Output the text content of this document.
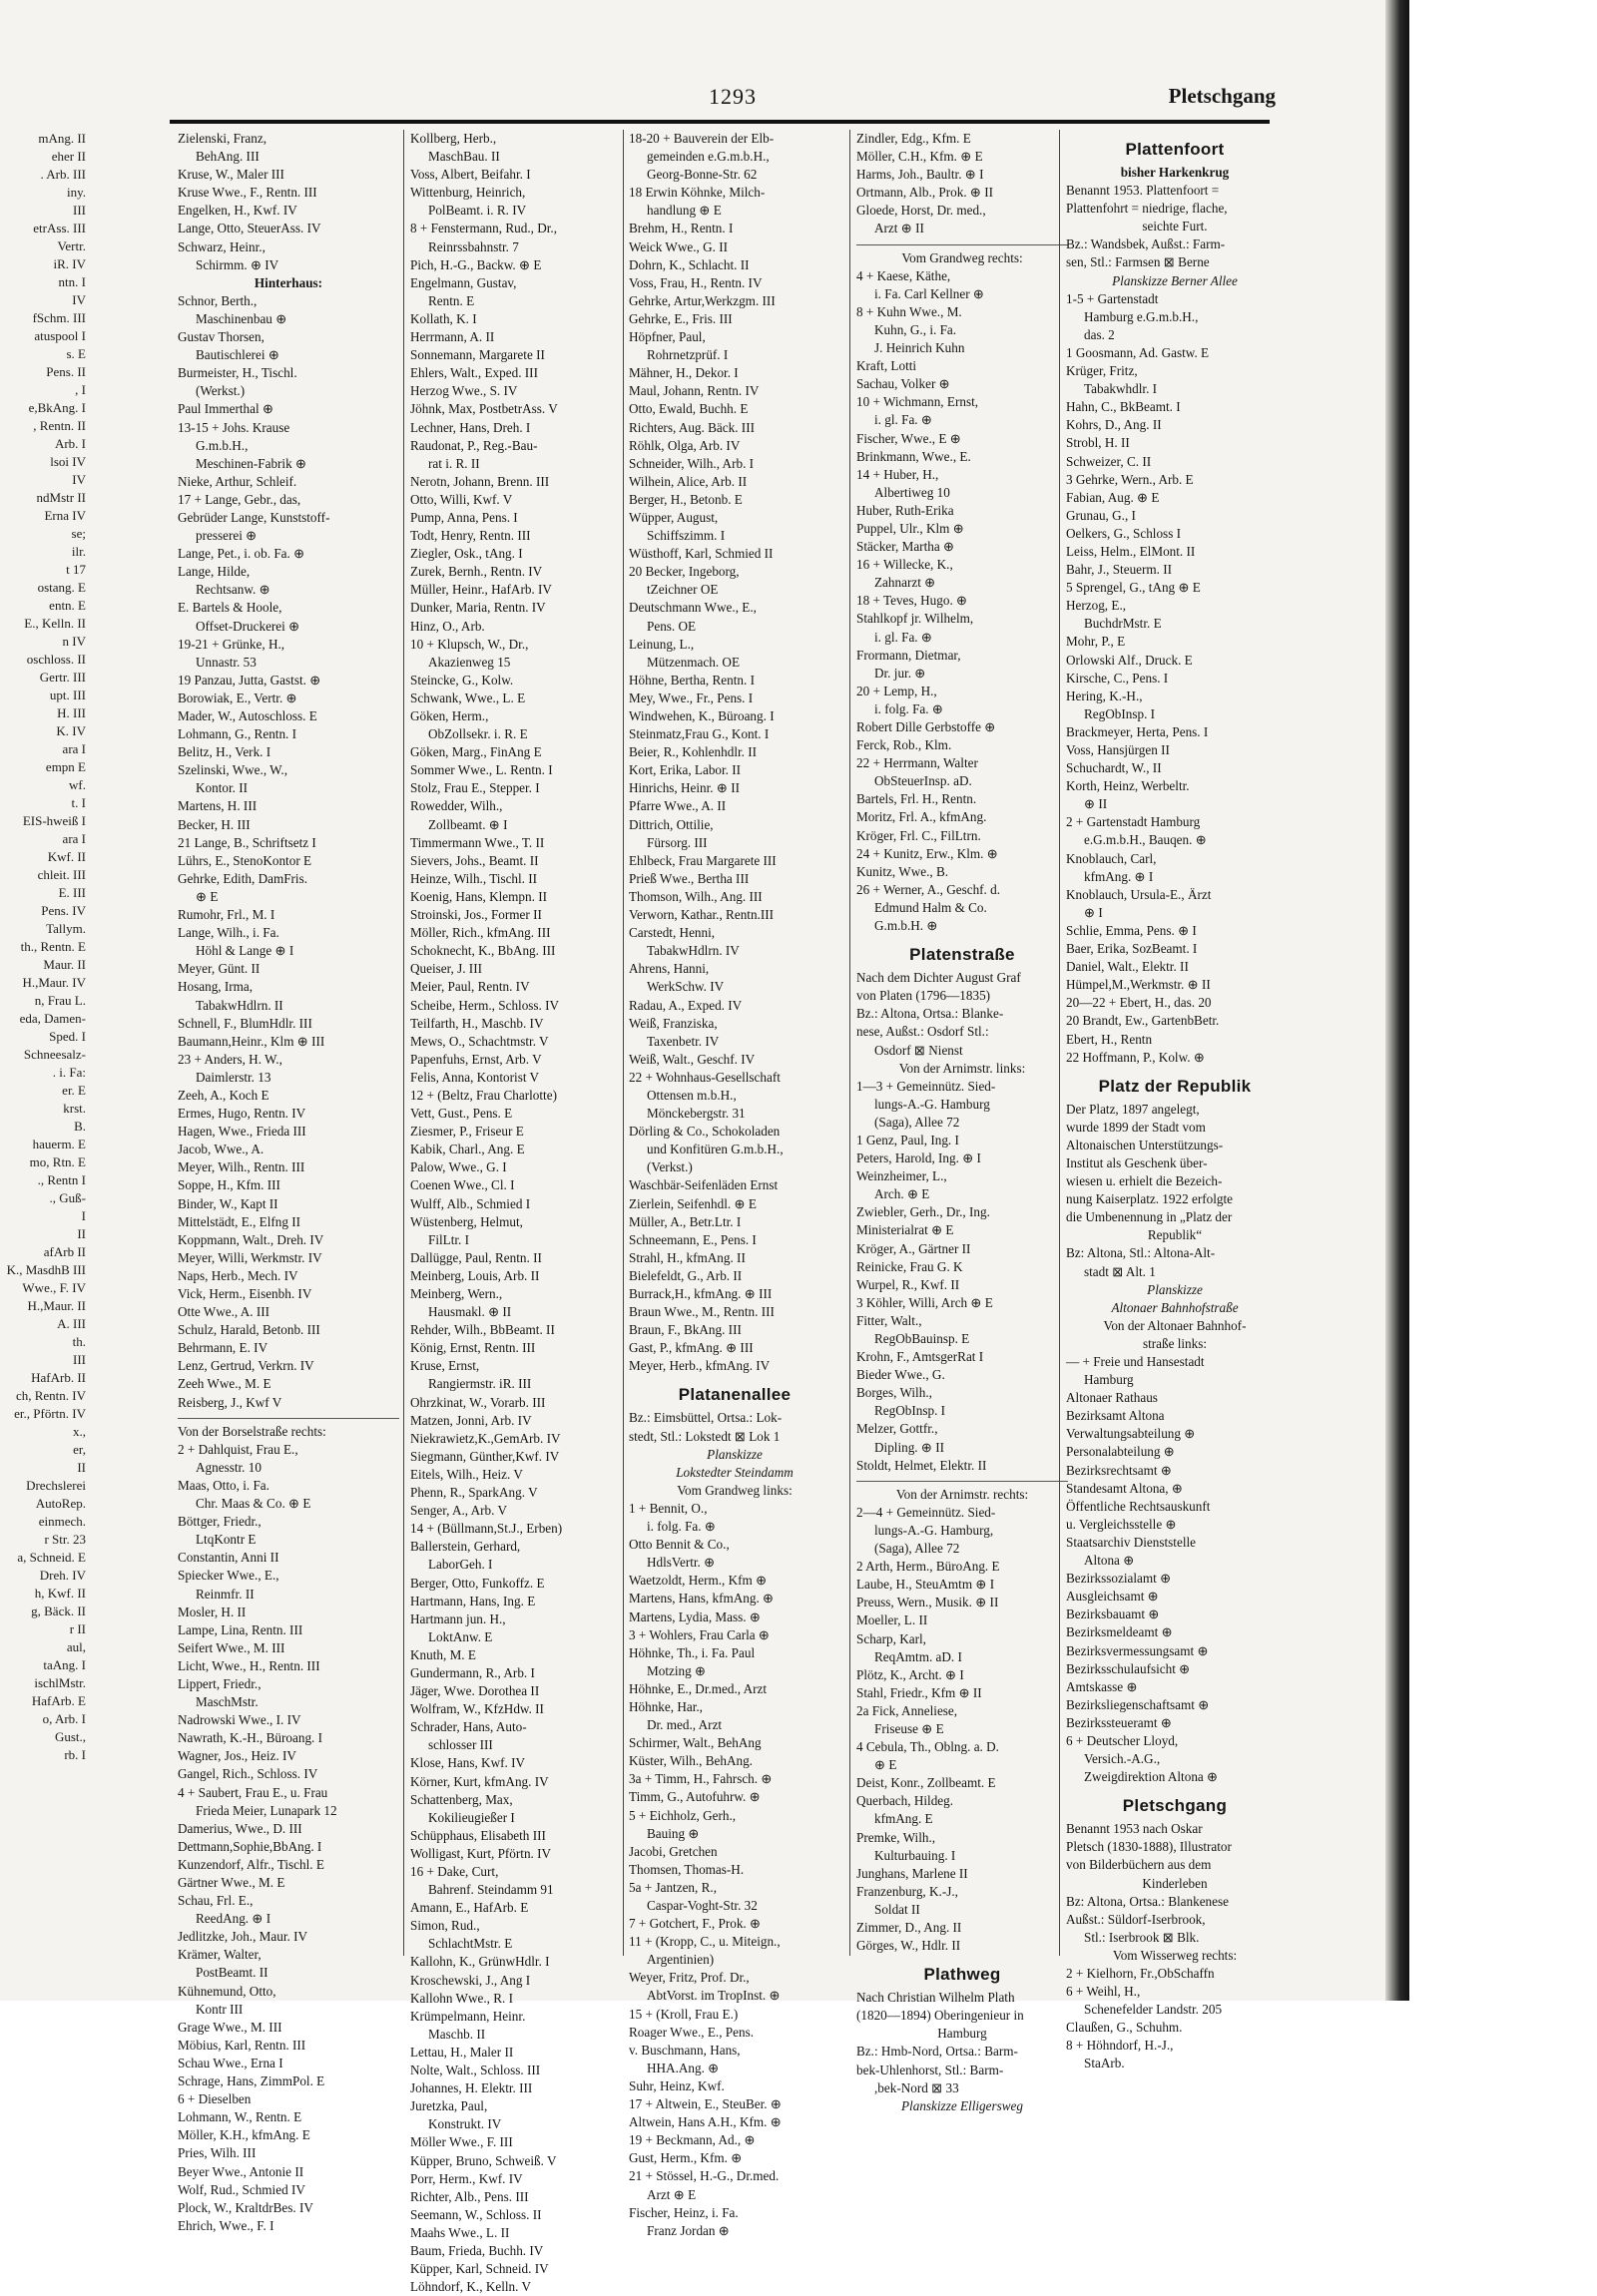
mAng. II
eher II
. Arb. III
iny.
III
etrAss. III
Vertr.
iR. IV
ntn. I
IV
fSchm. III
atuspool I
s. E
Pens. II
, I
e,BkAng. I
, Rentn. II
Arb. I
lsoi IV
IV
ndMstr II
Erna IV
se;
ilr.
t 17
ostang. E
entn. E
E., Kelln. II
n IV
oschloss. II
Gertr. III
upt. III
H. III
K. IV
ara I
empn E
wf.
t. I
EIS-hweiß I
ara I
Kwf. II
chleit. III
E. III
Pens. IV
Tallym.
th., Rentn. E
Maur. II
H.,Maur. IV
n, Frau L.
eda, Damen-
Sped. I
Schneesalz-
. i. Fa:
er. E
krst.
B.
hauerm. E
mo, Rtn. E
., Rentn I
., Guß-
I
II
afArb II
K., MasdhB III
Wwe., F. IV
H.,Maur. II
A. III
th.
III
HafArb. II
ch, Rentn. IV
er., Pförtn. IV
x.,
er,
II
Drechslerei
AutoRep.
einmech.
r Str. 23
a, Schneid. E
Dreh. IV
h, Kwf. II
g, Bäck. II
r II
aul,
taAng. I
ischlMstr.
HafArb. E
o, Arb. I
Gust.,
rb. I
1293	Pletschgang
Zielenski, Franz,
BehAng. III
Kruse, W., Maler III
Kruse Wwe., F., Rentn. III
Engelken, H., Kwf. IV
Lange, Otto, SteuerAss. IV
Schwarz, Heinr.,
Schirmm. ⊕ IV
Hinterhaus:
Schnor, Berth.,
Maschinenbau ⊕
Gustav Thorsen,
Bautischlerei ⊕
Burmeister, H., Tischl.
(Werkst.)
Paul Immerthal ⊕
13-15 + Johs. Krause
G.m.b.H.,
Meschinen-Fabrik ⊕
Nieke, Arthur, Schleif.
17 + Lange, Gebr., das,
Gebrüder Lange, Kunststoff-
presserei ⊕
Lange, Pet., i. ob. Fa. ⊕
Lange, Hilde,
Rechtsanw. ⊕
E. Bartels & Hoole,
Offset-Druckerei ⊕
19-21 + Grünke, H.,
Unnastr. 53
19 Panzau, Jutta, Gastst. ⊕
Borowiak, E., Vertr. ⊕
Mader, W., Autoschloss. E
Lohmann, G., Rentn. I
Belitz, H., Verk. I
Szelinski, Wwe., W.,
Kontor. II
Martens, H. III
Becker, H. III
21 Lange, B., Schriftsetz I
Lührs, E., StenoKontor E
Gehrke, Edith, DamFris.
⊕ E
Rumohr, Frl., M. I
Lange, Wilh., i. Fa.
Höhl & Lange ⊕ I
Meyer, Günt. II
Hosang, Irma,
TabakwHdlrn. II
Schnell, F., BlumHdlr. III
Baumann,Heinr., Klm ⊕ III
23 + Anders, H. W.,
Daimlerstr. 13
Zeeh, A., Koch E
Ermes, Hugo, Rentn. IV
Hagen, Wwe., Frieda III
Jacob, Wwe., A.
Meyer, Wilh., Rentn. III
Soppe, H., Kfm. III
Binder, W., Kapt II
Mittelstädt, E., Elfng II
Koppmann, Walt., Dreh. IV
Meyer, Willi, Werkmstr. IV
Naps, Herb., Mech. IV
Vick, Herm., Eisenbh. IV
Otte Wwe., A. III
Schulz, Harald, Betonb. III
Behrmann, E. IV
Lenz, Gertrud, Verkrn. IV
Zeeh Wwe., M. E
Reisberg, J., Kwf V
Von der Borselstraße rechts:
2 + Dahlquist, Frau E.,
Agnesstr. 10
Maas, Otto, i. Fa.
Chr. Maas & Co. ⊕ E
Böttger, Friedr.,
LtqKontr E
Constantin, Anni II
Spiecker Wwe., E.,
Reinmfr. II
Mosler, H. II
Lampe, Lina, Rentn. III
Seifert Wwe., M. III
Licht, Wwe., H., Rentn. III
Lippert, Friedr.,
MaschMstr.
Nadrowski Wwe., I. IV
Nawrath, K.-H., Büroang. I
Wagner, Jos., Heiz. IV
Gangel, Rich., Schloss. IV
4 + Saubert, Frau E., u. Frau
Frieda Meier, Lunapark 12
Damerius, Wwe., D. III
Dettmann,Sophie,BbAng. I
Kunzendorf, Alfr., Tischl. E
Gärtner Wwe., M. E
Schau, Frl. E.,
ReedAng. ⊕ I
Jedlitzke, Joh., Maur. IV
Krämer, Walter,
PostBeamt. II
Kühnemund, Otto,
Kontr III
Grage Wwe., M. III
Möbius, Karl, Rentn. III
Schau Wwe., Erna I
Schrage, Hans, ZimmPol. E
6 + Dieselben
Lohmann, W., Rentn. E
Möller, K.H., kfmAng. E
Pries, Wilh. III
Beyer Wwe., Antonie II
Wolf, Rud., Schmied IV
Plock, W., KraltdrBes. IV
Ehrich, Wwe., F. I
Kollberg, Herb.,
MaschBau. II
Voss, Albert, Beifahr. I
Wittenburg, Heinrich,
PolBeamt. i. R. IV
8 + Fenstermann, Rud., Dr.,
Reinrssbahnstr. 7
Pich, H.-G., Backw. ⊕ E
Engelmann, Gustav,
Rentn. E
Kollath, K. I
Herrmann, A. II
Sonnemann, Margarete II
Ehlers, Walt., Exped. III
Herzog Wwe., S. IV
Jöhnk, Max, PostbetrAss. V
Lechner, Hans, Dreh. I
Raudonat, P., Reg.-Bau-
rat i. R. II
Nerotn, Johann, Brenn. III
Otto, Willi, Kwf. V
Pump, Anna, Pens. I
Todt, Henry, Rentn. III
Ziegler, Osk., tAng. I
Zurek, Bernh., Rentn. IV
Müller, Heinr., HafArb. IV
Dunker, Maria, Rentn. IV
Hinz, O., Arb.
10 + Klupsch, W., Dr.,
Akazienweg 15
Steincke, G., Kolw.
Schwank, Wwe., L. E
Göken, Herm.,
ObZollsekr. i. R. E
Göken, Marg., FinAng E
Sommer Wwe., L. Rentn. I
Stolz, Frau E., Stepper. I
Rowedder, Wilh.,
Zollbeamt. ⊕ I
Timmermann Wwe., T. II
Sievers, Johs., Beamt. II
Heinze, Wilh., Tischl. II
Koenig, Hans, Klempn. II
Stroinski, Jos., Former II
Möller, Rich., kfmAng. III
Schoknecht, K., BbAng. III
Queiser, J. III
Meier, Paul, Rentn. IV
Scheibe, Herm., Schloss. IV
Teilfarth, H., Maschb. IV
Mews, O., Schachtmstr. V
Papenfuhs, Ernst, Arb. V
Felis, Anna, Kontorist V
12 + (Beltz, Frau Charlotte)
Vett, Gust., Pens. E
Ziesmer, P., Friseur E
Kabik, Charl., Ang. E
Palow, Wwe., G. I
Coenen Wwe., Cl. I
Wulff, Alb., Schmied I
Wüstenberg, Helmut,
FilLtr. I
Dallügge, Paul, Rentn. II
Meinberg, Louis, Arb. II
Meinberg, Wern.,
Hausmakl. ⊕ II
Rehder, Wilh., BbBeamt. II
König, Ernst, Rentn. III
Kruse, Ernst,
Rangiermstr. iR. III
Ohrzkinat, W., Vorarb. III
Matzen, Jonni, Arb. IV
Niekrawietz,K.,GemArb. IV
Siegmann, Günther,Kwf. IV
Eitels, Wilh., Heiz. V
Phenn, R., SparkAng. V
Senger, A., Arb. V
14 + (Büllmann,St.J., Erben)
Ballerstein, Gerhard,
LaborGeh. I
Berger, Otto, Funkoffz. E
Hartmann, Hans, Ing. E
Hartmann jun. H.,
LoktAnw. E
Knuth, M. E
Gundermann, R., Arb. I
Jäger, Wwe. Dorothea II
Wolfram, W., KfzHdw. II
Schrader, Hans, Auto-
schlosser III
Klose, Hans, Kwf. IV
Körner, Kurt, kfmAng. IV
Schattenberg, Max,
Kokilieugießer I
Schüpphaus, Elisabeth III
Wolligast, Kurt, Pförtn. IV
16 + Dake, Curt,
Bahrenf. Steindamm 91
Amann, E., HafArb. E
Simon, Rud.,
SchlachtMstr. E
Kallohn, K., GrünwHdlr. I
Kroschewski, J., Ang I
Kallohn Wwe., R. I
Krümpelmann, Heinr.
Maschb. II
Lettau, H., Maler II
Nolte, Walt., Schloss. III
Johannes, H. Elektr. III
Juretzka, Paul,
Konstrukt. IV
Möller Wwe., F. III
Küpper, Bruno, Schweiß. V
Porr, Herm., Kwf. IV
Richter, Alb., Pens. III
Seemann, W., Schloss. II
Maahs Wwe., L. II
Baum, Frieda, Buchh. IV
Küpper, Karl, Schneid. IV
Löhndorf, K., Kelln. V
18-20 + Bauverein der Elb-
gemeinden e.G.m.b.H.,
Georg-Bonne-Str. 62
18 Erwin Köhnke, Milch-
handlung ⊕ E
Brehm, H., Rentn. I
Weick Wwe., G. II
Dohrn, K., Schlacht. II
Voss, Frau, H., Rentn. IV
Gehrke, Artur,Werkzgm. III
Gehrke, E., Fris. III
Höpfner, Paul,
Rohrnetzprüf. I
Mähner, H., Dekor. I
Maul, Johann, Rentn. IV
Otto, Ewald, Buchh. E
Richters, Aug. Bäck. III
Röhlk, Olga, Arb. IV
Schneider, Wilh., Arb. I
Wilhein, Alice, Arb. II
Berger, H., Betonb. E
Wüpper, August,
Schiffszimm. I
Wüsthoff, Karl, Schmied II
20 Becker, Ingeborg,
tZeichner OE
Deutschmann Wwe., E.,
Pens. OE
Leinung, L.,
Mützenmach. OE
Höhne, Bertha, Rentn. I
Mey, Wwe., Fr., Pens. I
Windwehen, K., Büroang. I
Steinmatz,Frau G., Kont. I
Beier, R., Kohlenhdlr. II
Kort, Erika, Labor. II
Hinrichs, Heinr. ⊕ II
Pfarre Wwe., A. II
Dittrich, Ottilie,
Fürsorg. III
Ehlbeck, Frau Margarete III
Prieß Wwe., Bertha III
Thomson, Wilh., Ang. III
Verworn, Kathar., Rentn.III
Carstedt, Henni,
TabakwHdlrn. IV
Ahrens, Hanni,
WerkSchw. IV
Radau, A., Exped. IV
Weiß, Franziska,
Taxenbetr. IV
Weiß, Walt., Geschf. IV
22 + Wohnhaus-Gesellschaft
Ottensen m.b.H.,
Mönckebergstr. 31
Dörling & Co., Schokoladen
und Konfitüren G.m.b.H.,
(Verkst.)
Waschbär-Seifenläden Ernst
Zierlein, Seifenhdl. ⊕ E
Müller, A., Betr.Ltr. I
Schneemann, E., Pens. I
Strahl, H., kfmAng. II
Bielefeldt, G., Arb. II
Burrack,H., kfmAng. ⊕ III
Braun Wwe., M., Rentn. III
Braun, F., BkAng. III
Gast, P., kfmAng. ⊕ III
Meyer, Herb., kfmAng. IV
Platanenallee
Bz.: Eimsbüttel, Ortsa.: Lok-
stedt, Stl.: Lokstedt ⊠ Lok 1
Planskizze
Lokstedter Steindamm
Vom Grandweg links:
1 + Bennit, O.,
i. folg. Fa. ⊕
Otto Bennit & Co.,
HdlsVertr. ⊕
Waetzoldt, Herm., Kfm ⊕
Martens, Hans, kfmAng. ⊕
Martens, Lydia, Mass. ⊕
3 + Wohlers, Frau Carla ⊕
Höhnke, Th., i. Fa. Paul
Motzing ⊕
Höhnke, E., Dr.med., Arzt
Höhnke, Har.,
Dr. med., Arzt
Schirmer, Walt., BehAng
Küster, Wilh., BehAng.
3a + Timm, H., Fahrsch. ⊕
Timm, G., Autofuhrw. ⊕
5 + Eichholz, Gerh.,
Bauing ⊕
Jacobi, Gretchen
Thomsen, Thomas-H.
5a + Jantzen, R.,
Caspar-Voght-Str. 32
7 + Gotchert, F., Prok. ⊕
11 + (Kropp, C., u. Miteign.,
Argentinien)
Weyer, Fritz, Prof. Dr.,
AbtVorst. im TropInst. ⊕
15 + (Kroll, Frau E.)
Roager Wwe., E., Pens.
v. Buschmann, Hans,
HHA.Ang. ⊕
Suhr, Heinz, Kwf.
17 + Altwein, E., SteuBer. ⊕
Altwein, Hans A.H., Kfm. ⊕
19 + Beckmann, Ad., ⊕
Gust, Herm., Kfm. ⊕
21 + Stössel, H.-G., Dr.med.
Arzt ⊕ E
Fischer, Heinz, i. Fa.
Franz Jordan ⊕
Zindler, Edg., Kfm. E
Möller, C.H., Kfm. ⊕ E
Harms, Joh., Baultr. ⊕ I
Ortmann, Alb., Prok. ⊕ II
Gloede, Horst, Dr. med.,
Arzt ⊕ II
Vom Grandweg rechts:
4 + Kaese, Käthe,
i. Fa. Carl Kellner ⊕
8 + Kuhn Wwe., M.
Kuhn, G., i. Fa.
J. Heinrich Kuhn
Kraft, Lotti
Sachau, Volker ⊕
10 + Wichmann, Ernst,
i. gl. Fa. ⊕
Fischer, Wwe., E ⊕
Brinkmann, Wwe., E.
14 + Huber, H.,
Albertiweg 10
Huber, Ruth-Erika
Puppel, Ulr., Klm ⊕
Stäcker, Martha ⊕
16 + Willecke, K.,
Zahnarzt ⊕
18 + Teves, Hugo. ⊕
Stahlkopf jr. Wilhelm,
i. gl. Fa. ⊕
Frormann, Dietmar,
Dr. jur. ⊕
20 + Lemp, H.,
i. folg. Fa. ⊕
Robert Dille Gerbstoffe ⊕
Ferck, Rob., Klm.
22 + Herrmann, Walter
ObSteuerInsp. aD.
Bartels, Frl. H., Rentn.
Moritz, Frl. A., kfmAng.
Kröger, Frl. C., FilLtrn.
24 + Kunitz, Erw., Klm. ⊕
Kunitz, Wwe., B.
26 + Werner, A., Geschf. d.
Edmund Halm & Co.
G.m.b.H. ⊕
Platenstraße
Nach dem Dichter August Graf
von Platen (1796—1835)
Bz.: Altona, Ortsa.: Blanke-
nese, Außst.: Osdorf Stl.:
Osdorf ⊠ Nienst
Von der Arnimstr. links:
1—3 + Gemeinnütz. Sied-
lungs-A.-G. Hamburg
(Saga), Allee 72
1 Genz, Paul, Ing. I
Peters, Harold, Ing. ⊕ I
Weinzheimer, L.,
Arch. ⊕ E
Zwiebler, Gerh., Dr., Ing.
Ministerialrat ⊕ E
Kröger, A., Gärtner II
Reinicke, Frau G. K
Wurpel, R., Kwf. II
3 Köhler, Willi, Arch ⊕ E
Fitter, Walt.,
RegObBauinsp. E
Krohn, F., AmtsgerRat I
Bieder Wwe., G.
Borges, Wilh.,
RegObInsp. I
Melzer, Gottfr.,
Dipling. ⊕ II
Stoldt, Helmet, Elektr. II
Von der Arnimstr. rechts:
2—4 + Gemeinnütz. Sied-
lungs-A.-G. Hamburg,
(Saga), Allee 72
2 Arth, Herm., BüroAng. E
Laube, H., SteuAmtm ⊕ I
Preuss, Wern., Musik. ⊕ II
Moeller, L. II
Scharp, Karl,
ReqAmtm. aD. I
Plötz, K., Archt. ⊕ I
Stahl, Friedr., Kfm ⊕ II
2a Fick, Anneliese,
Friseuse ⊕ E
4 Cebula, Th., Oblng. a. D.
⊕ E
Deist, Konr., Zollbeamt. E
Querbach, Hildeg.
kfmAng. E
Premke, Wilh.,
Kulturbauing. I
Junghans, Marlene II
Franzenburg, K.-J.,
Soldat II
Zimmer, D., Ang. II
Görges, W., Hdlr. II
Plathweg
Nach Christian Wilhelm Plath
(1820—1894) Oberingenieur in
Hamburg
Bz.: Hmb-Nord, Ortsa.: Barm-
bek-Uhlenhorst, Stl.: Barm-
,bek-Nord ⊠ 33
Planskizze Elligersweg
Plattenfoort
bisher Harkenkrug
Benannt 1953. Plattenfoort =
Plattenfohrt = niedrige, flache,
seichte Furt.
Bz.: Wandsbek, Außst.: Farm-
sen, Stl.: Farmsen ⊠ Berne
Planskizze Berner Allee
1-5 + Gartenstadt
Hamburg e.G.m.b.H.,
das. 2
1 Goosmann, Ad. Gastw. E
Krüger, Fritz,
Tabakwhdlr. I
Hahn, C., BkBeamt. I
Kohrs, D., Ang. II
Strobl, H. II
Schweizer, C. II
3 Gehrke, Wern., Arb. E
Fabian, Aug. ⊕ E
Grunau, G., I
Oelkers, G., Schloss I
Leiss, Helm., ElMont. II
Bahr, J., Steuerm. II
5 Sprengel, G., tAng ⊕ E
Herzog, E.,
BuchdrMstr. E
Mohr, P., E
Orlowski Alf., Druck. E
Kirsche, C., Pens. I
Hering, K.-H.,
RegObInsp. I
Brackmeyer, Herta, Pens. I
Voss, Hansjürgen II
Schuchardt, W., II
Korth, Heinz, Werbeltr.
⊕ II
2 + Gartenstadt Hamburg
e.G.m.b.H., Bauqen. ⊕
Knoblauch, Carl,
kfmAng. ⊕ I
Knoblauch, Ursula-E., Ärzt
⊕ I
Schlie, Emma, Pens. ⊕ I
Baer, Erika, SozBeamt. I
Daniel, Walt., Elektr. II
Hümpel,M.,Werkmstr. ⊕ II
20—22 + Ebert, H., das. 20
20 Brandt, Ew., GartenbBetr.
Ebert, H., Rentn
22 Hoffmann, P., Kolw. ⊕
Platz der Republik
Der Platz, 1897 angelegt,
wurde 1899 der Stadt vom
Altonaischen Unterstützungs-
Institut als Geschenk über-
wiesen u. erhielt die Bezeich-
nung Kaiserplatz. 1922 erfolgte
die Umbenennung in „Platz der
Republik“
Bz: Altona, Stl.: Altona-Alt-
stadt ⊠ Alt. 1
Planskizze
Altonaer Bahnhofstraße
Von der Altonaer Bahnhof-
straße links:
— + Freie und Hansestadt
Hamburg
Altonaer Rathaus
Bezirksamt Altona
Verwaltungsabteilung ⊕
Personalabteilung ⊕
Bezirksrechtsamt ⊕
Standesamt Altona, ⊕
Öffentliche Rechtsauskunft
u. Vergleichsstelle ⊕
Staatsarchiv Dienststelle
Altona ⊕
Bezirkssozialamt ⊕
Ausgleichsamt ⊕
Bezirksbauamt ⊕
Bezirksmeldeamt ⊕
Bezirksvermessungsamt ⊕
Bezirksschulaufsicht ⊕
Amtskasse ⊕
Bezirksliegenschaftsamt ⊕
Bezirkssteueramt ⊕
6 + Deutscher Lloyd,
Versich.-A.G.,
Zweigdirektion Altona ⊕
Pletschgang
Benannt 1953 nach Oskar
Pletsch (1830-1888), Illustrator
von Bilderbüchern aus dem
Kinderleben
Bz: Altona, Ortsa.: Blankenese
Außst.: Süldorf-Iserbrook,
Stl.: Iserbrook ⊠ Blk.
Vom Wisserweg rechts:
2 + Kielhorn, Fr.,ObSchaffn
6 + Weihl, H.,
Schenefelder Landstr. 205
Claußen, G., Schuhm.
8 + Höhndorf, H.-J.,
StaArb.
